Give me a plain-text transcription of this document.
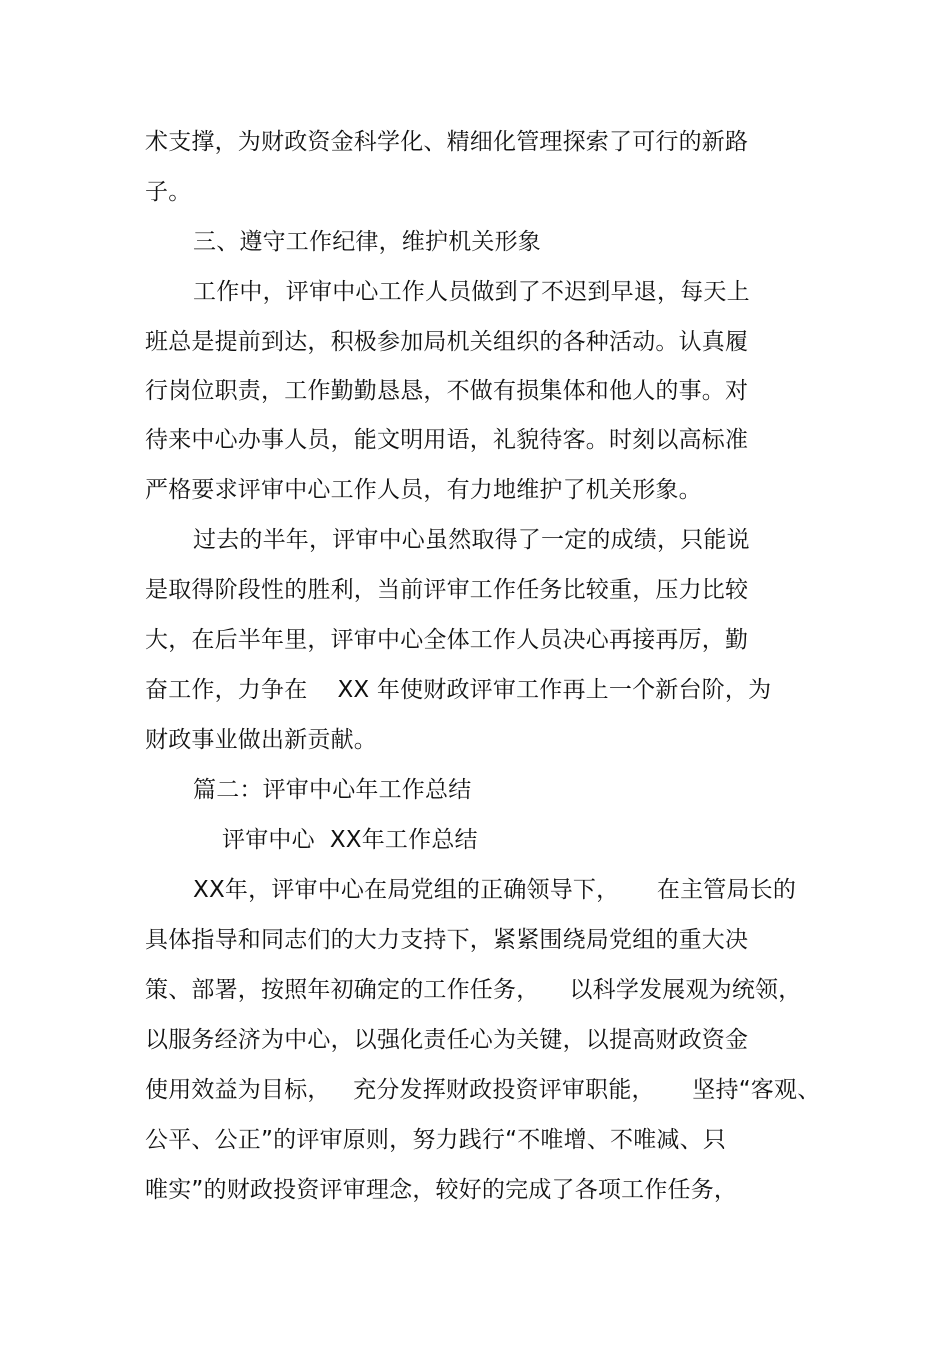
术支撑，为财政资金科学化、精细化管理探索了可行的新路
子。
三、遵守工作纪律，维护机关形象
工作中，评审中心工作人员做到了不迟到早退，每天上
班总是提前到达，积极参加局机关组织的各种活动。认真履
行岗位职责，工作勤勤恳恳，不做有损集体和他人的事。对
待来中心办事人员，能文明用语，礼貌待客。时刻以高标准
严格要求评审中心工作人员，有力地维护了机关形象。
过去的半年，评审中心虽然取得了一定的成绩，只能说
是取得阶段性的胜利，当前评审工作任务比较重，压力比较
大，在后半年里，评审中心全体工作人员决心再接再厉，勤
奋工作，力争在    XX 年使财政评审工作再上一个新台阶，为
财政事业做出新贡献。
篇二：评审中心年工作总结
评审中心  XX年工作总结
XX年，评审中心在局党组的正确领导下，     在主管局长的
具体指导和同志们的大力支持下，紧紧围绕局党组的重大决
策、部署，按照年初确定的工作任务，    以科学发展观为统领，
以服务经济为中心，以强化责任心为关键，以提高财政资金
使用效益为目标，   充分发挥财政投资评审职能，     坚持“客观、
公平、公正”的评审原则，努力践行“不唯增、不唯减、只
唯实”的财政投资评审理念，较好的完成了各项工作任务，
